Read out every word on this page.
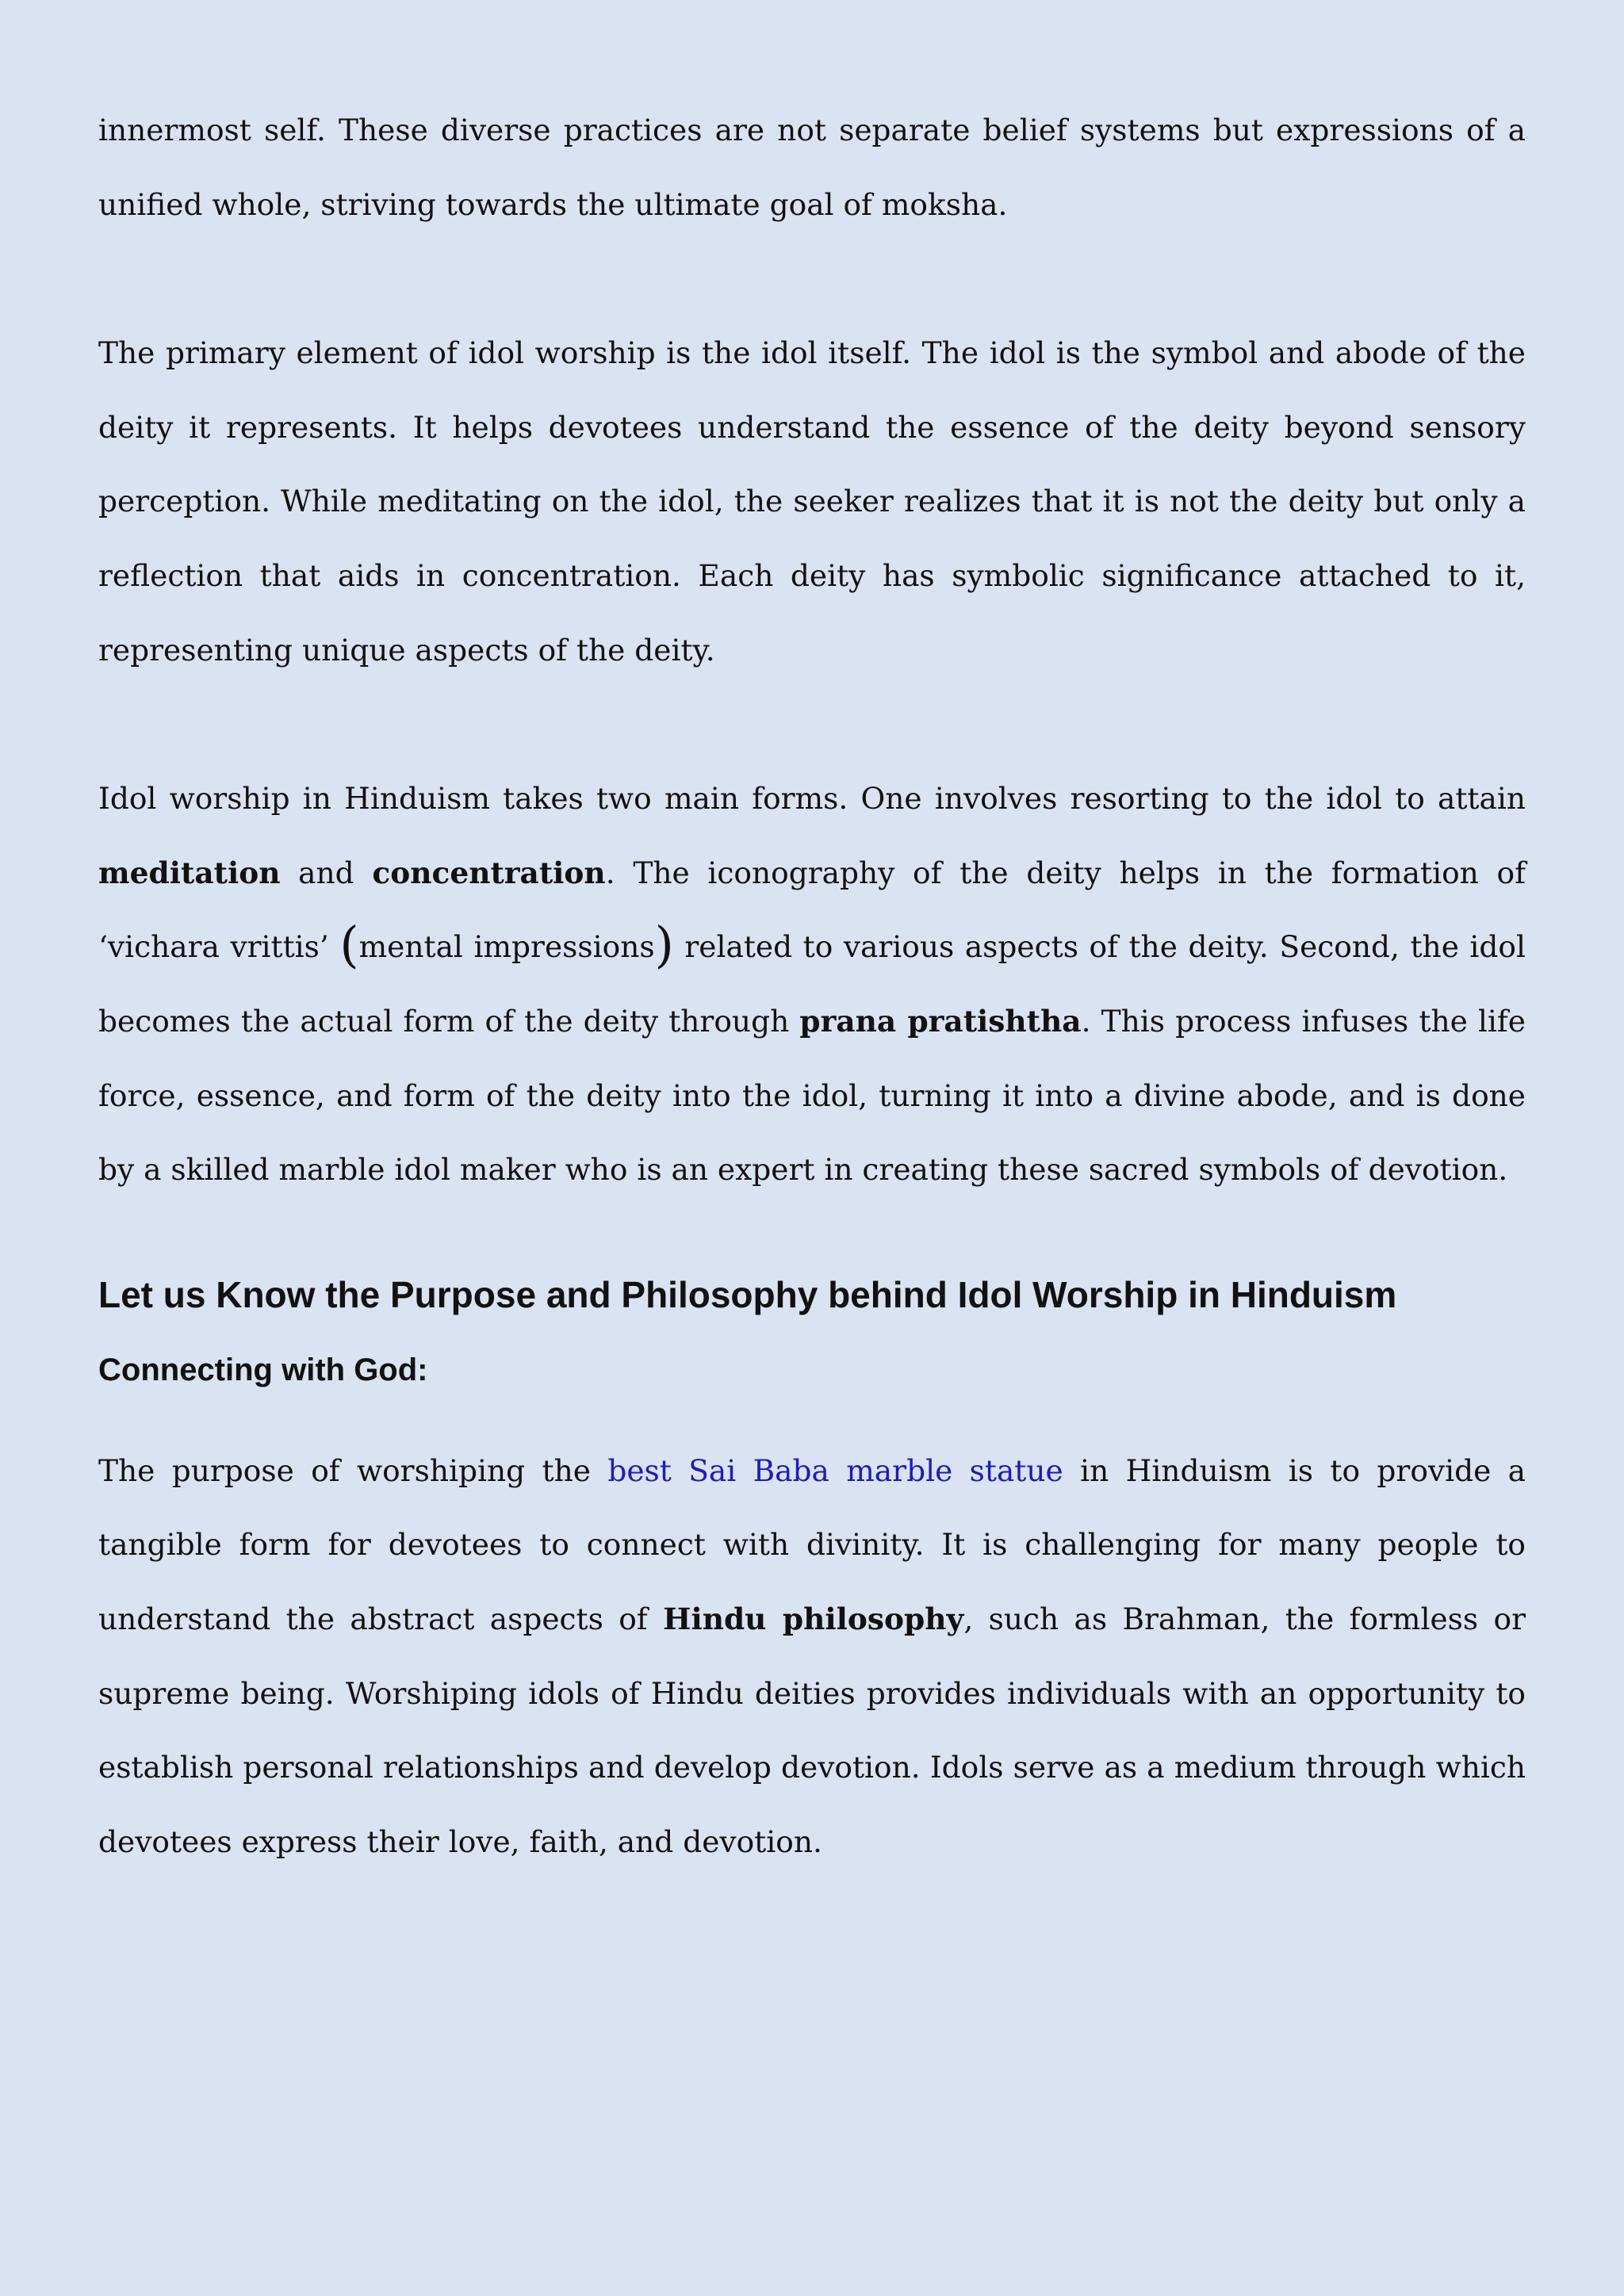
innermost self. These diverse practices are not separate belief systems but expressions of a unified whole, striving towards the ultimate goal of moksha.

The primary element of idol worship is the idol itself. The idol is the symbol and abode of the deity it represents. It helps devotees understand the essence of the deity beyond sensory perception. While meditating on the idol, the seeker realizes that it is not the deity but only a reflection that aids in concentration. Each deity has symbolic significance attached to it, representing unique aspects of the deity.

Idol worship in Hinduism takes two main forms. One involves resorting to the idol to attain meditation and concentration. The iconography of the deity helps in the formation of ‘vichara vrittis’ (mental impressions) related to various aspects of the deity. Second, the idol becomes the actual form of the deity through prana pratishtha. This process infuses the life force, essence, and form of the deity into the idol, turning it into a divine abode, and is done by a skilled marble idol maker who is an expert in creating these sacred symbols of devotion.

Let us Know the Purpose and Philosophy behind Idol Worship in Hinduism
Connecting with God:

The purpose of worshiping the best Sai Baba marble statue in Hinduism is to provide a tangible form for devotees to connect with divinity. It is challenging for many people to understand the abstract aspects of Hindu philosophy, such as Brahman, the formless or supreme being. Worshiping idols of Hindu deities provides individuals with an opportunity to establish personal relationships and develop devotion. Idols serve as a medium through which devotees express their love, faith, and devotion.
